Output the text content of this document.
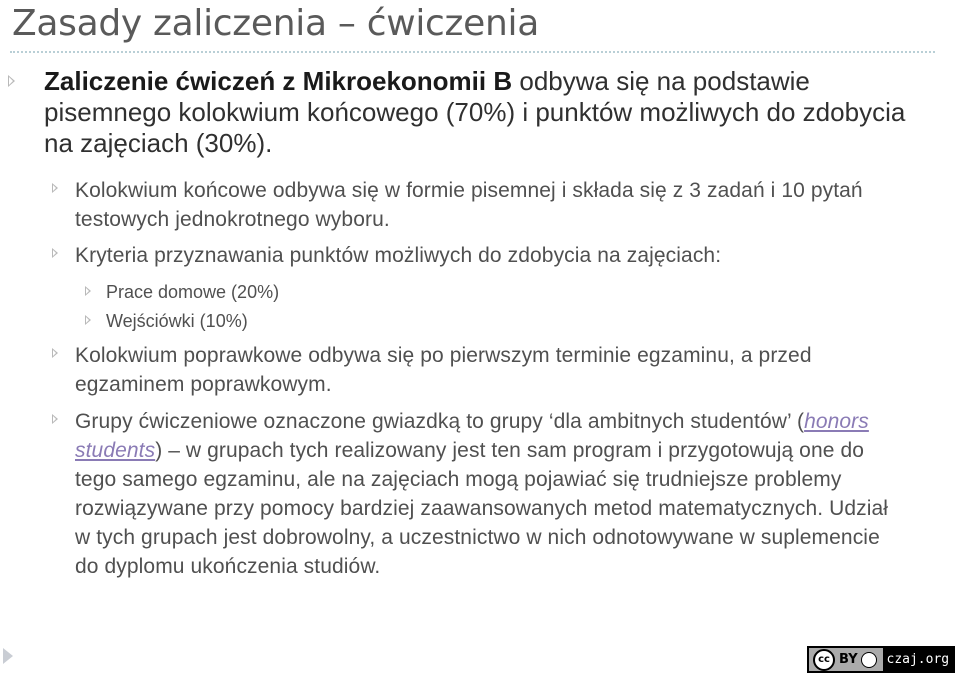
Zasady zaliczenia – ćwiczenia
Zaliczenie ćwiczeń z Mikroekonomii B odbywa się na podstawie pisemnego kolokwium końcowego (70%) i punktów możliwych do zdobycia na zajęciach (30%).
Kolokwium końcowe odbywa się w formie pisemnej i składa się z 3 zadań i 10 pytań testowych jednokrotnego wyboru.
Kryteria przyznawania punktów możliwych do zdobycia na zajęciach:
Prace domowe (20%)
Wejściówki (10%)
Kolokwium poprawkowe odbywa się po pierwszym terminie egzaminu, a przed egzaminem poprawkowym.
Grupy ćwiczeniowe oznaczone gwiazdką to grupy ‘dla ambitnych studentów’ (honors students) – w grupach tych realizowany jest ten sam program i przygotowują one do tego samego egzaminu, ale na zajęciach mogą pojawiać się trudniejsze problemy rozwiązywane przy pomocy bardziej zaawansowanych metod matematycznych. Udział w tych grupach jest dobrowolny, a uczestnictwo w nich odnotowywane w suplemencie do dyplomu ukończenia studiów.
cc BY czaj.org
